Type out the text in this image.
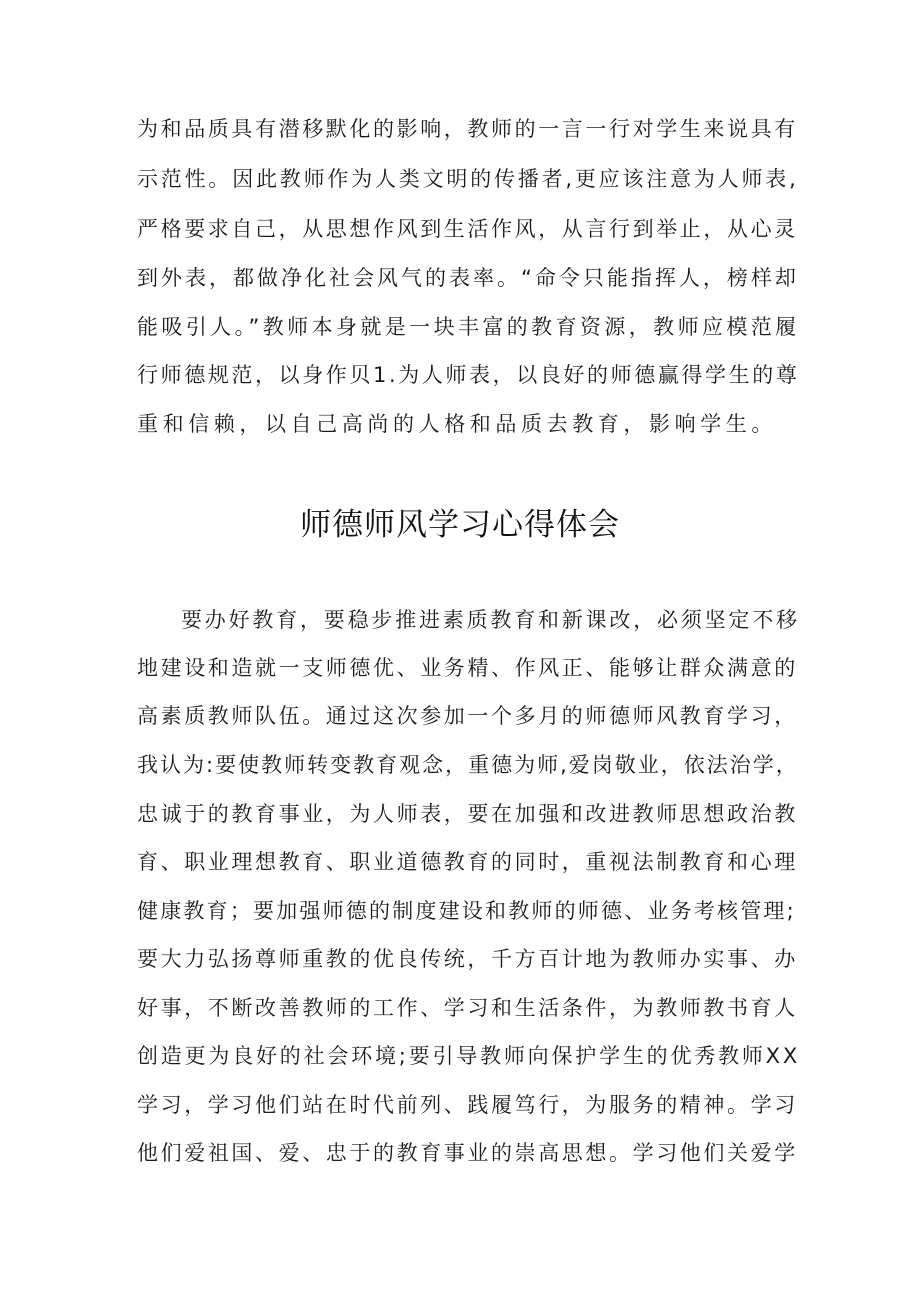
为和品质具有潜移默化的影响，教师的一言一行对学生来说具有
示范性。因此教师作为人类文明的传播者,更应该注意为人师表,
严格要求自己，从思想作风到生活作风，从言行到举止，从心灵
到外表，都做净化社会风气的表率。“命令只能指挥人，榜样却
能吸引人。”教师本身就是一块丰富的教育资源，教师应模范履
行师德规范，以身作贝1.为人师表，以良好的师德赢得学生的尊
重和信赖，以自己高尚的人格和品质去教育，影响学生。
师德师风学习心得体会
要办好教育，要稳步推进素质教育和新课改，必须坚定不移
地建设和造就一支师德优、业务精、作风正、能够让群众满意的
高素质教师队伍。通过这次参加一个多月的师德师风教育学习，
我认为:要使教师转变教育观念，重德为师,爱岗敬业，依法治学，
忠诚于的教育事业，为人师表，要在加强和改进教师思想政治教
育、职业理想教育、职业道德教育的同时，重视法制教育和心理
健康教育；要加强师德的制度建设和教师的师德、业务考核管理;
要大力弘扬尊师重教的优良传统，千方百计地为教师办实事、办
好事，不断改善教师的工作、学习和生活条件，为教师教书育人
创造更为良好的社会环境;要引导教师向保护学生的优秀教师XX
学习，学习他们站在时代前列、践履笃行，为服务的精神。学习
他们爱祖国、爱、忠于的教育事业的崇高思想。学习他们关爱学
